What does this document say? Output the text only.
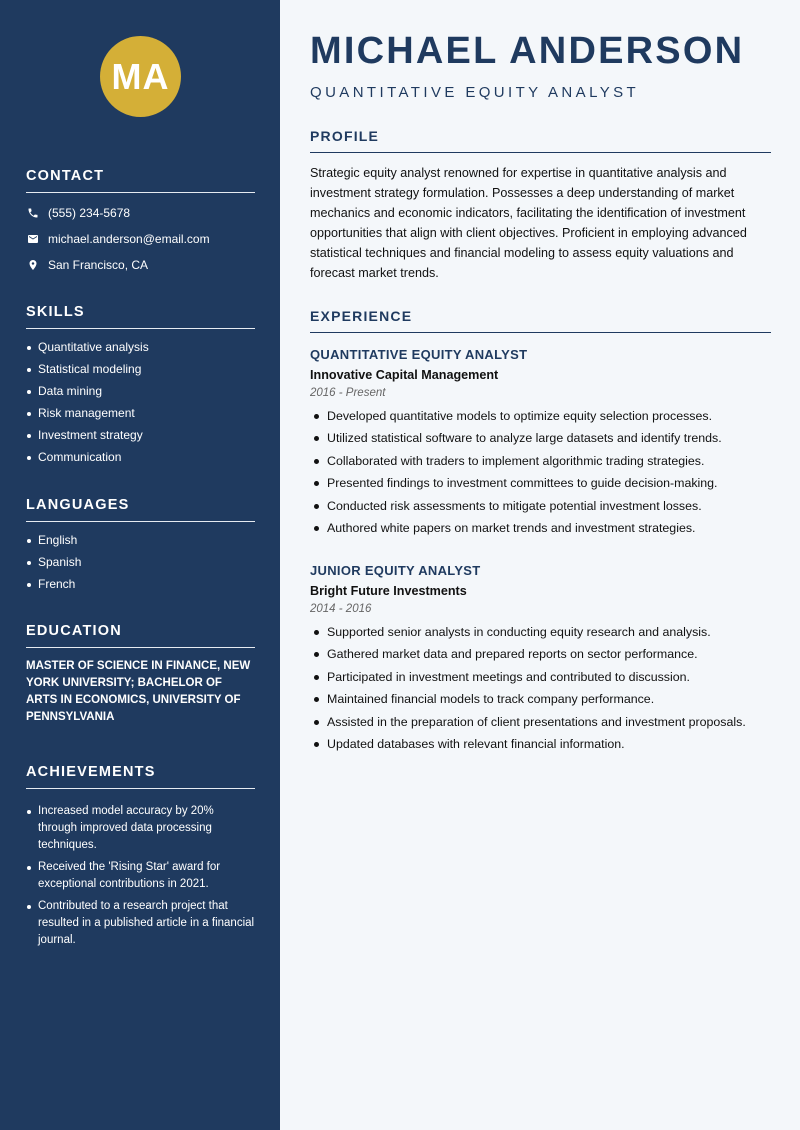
MA
CONTACT
(555) 234-5678
michael.anderson@email.com
San Francisco, CA
SKILLS
Quantitative analysis
Statistical modeling
Data mining
Risk management
Investment strategy
Communication
LANGUAGES
English
Spanish
French
EDUCATION

MASTER OF SCIENCE IN FINANCE, NEW YORK UNIVERSITY; BACHELOR OF ARTS IN ECONOMICS, UNIVERSITY OF PENNSYLVANIA

ACHIEVEMENTS
Increased model accuracy by 20% through improved data processing techniques.
Received the 'Rising Star' award for exceptional contributions in 2021.
Contributed to a research project that resulted in a published article in a financial journal.
MICHAEL ANDERSON
QUANTITATIVE EQUITY ANALYST
PROFILE

Strategic equity analyst renowned for expertise in quantitative analysis and investment strategy formulation. Possesses a deep understanding of market mechanics and economic indicators, facilitating the identification of investment opportunities that align with client objectives. Proficient in employing advanced statistical techniques and financial modeling to assess equity valuations and forecast market trends.

EXPERIENCE
QUANTITATIVE EQUITY ANALYST
Innovative Capital Management
2016 - Present
Developed quantitative models to optimize equity selection processes.
Utilized statistical software to analyze large datasets and identify trends.
Collaborated with traders to implement algorithmic trading strategies.
Presented findings to investment committees to guide decision-making.
Conducted risk assessments to mitigate potential investment losses.
Authored white papers on market trends and investment strategies.
JUNIOR EQUITY ANALYST
Bright Future Investments
2014 - 2016
Supported senior analysts in conducting equity research and analysis.
Gathered market data and prepared reports on sector performance.
Participated in investment meetings and contributed to discussion.
Maintained financial models to track company performance.
Assisted in the preparation of client presentations and investment proposals.
Updated databases with relevant financial information.
